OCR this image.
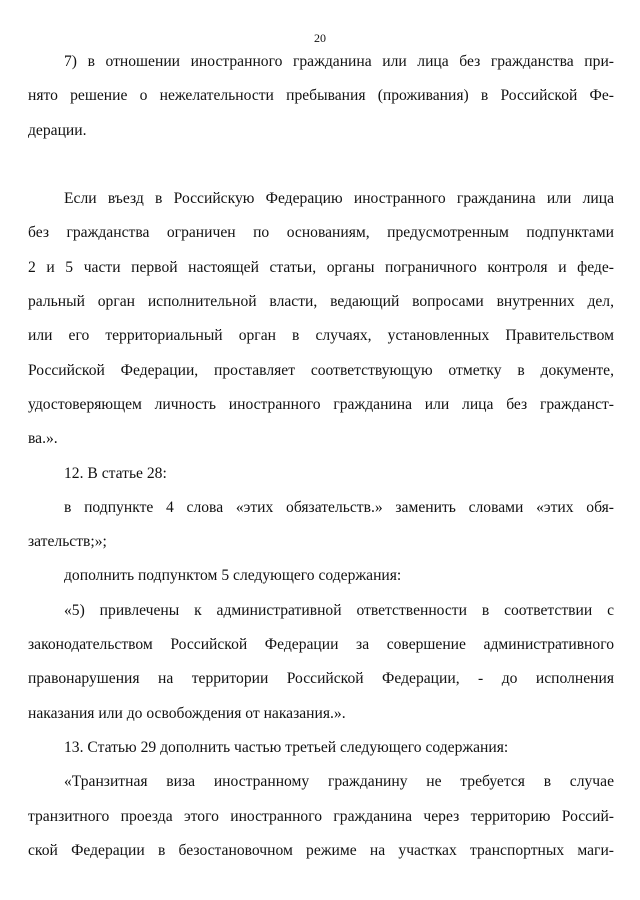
20
7) в отношении иностранного гражданина или лица без гражданства при-
нято решение о нежелательности пребывания (проживания) в Российской Фе-
дерации.
Если въезд в Российскую Федерацию иностранного гражданина или лица
без гражданства ограничен по основаниям, предусмотренным подпунктами
2 и 5 части первой настоящей статьи, органы пограничного контроля и феде-
ральный орган исполнительной власти, ведающий вопросами внутренних дел,
или его территориальный орган в случаях, установленных Правительством
Российской Федерации, проставляет соответствующую отметку в документе,
удостоверяющем личность иностранного гражданина или лица без гражданст-
ва.».
12. В статье 28:
в подпункте 4 слова «этих обязательств.» заменить словами «этих обя-
зательств;»;
дополнить подпунктом 5 следующего содержания:
«5) привлечены к административной ответственности в соответствии с
законодательством Российской Федерации за совершение административного
правонарушения на территории Российской Федерации, - до исполнения
наказания или до освобождения от наказания.».
13. Статью 29 дополнить частью третьей следующего содержания:
«Транзитная виза иностранному гражданину не требуется в случае
транзитного проезда этого иностранного гражданина через территорию Россий-
ской Федерации в безостановочном режиме на участках транспортных маги-
